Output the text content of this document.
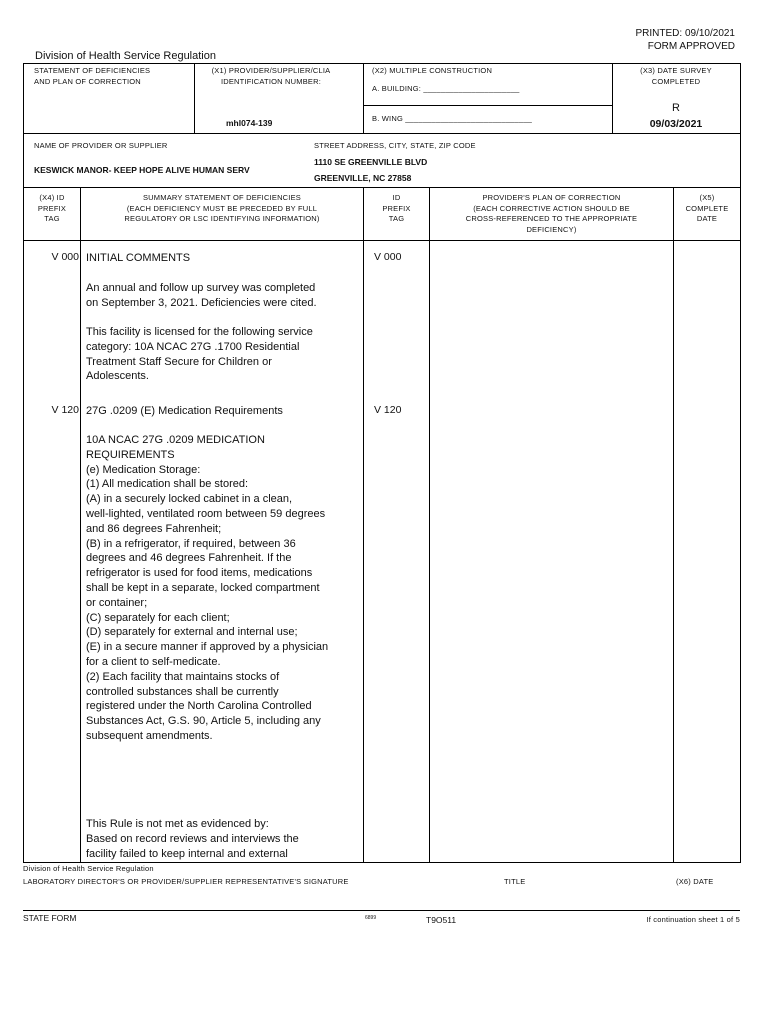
PRINTED: 09/10/2021
FORM APPROVED
Division of Health Service Regulation
STATEMENT OF DEFICIENCIES
AND PLAN OF CORRECTION
(X1) PROVIDER/SUPPLIER/CLIA
IDENTIFICATION NUMBER:
mhl074-139
(X2) MULTIPLE CONSTRUCTION
A. BUILDING: ______________________
B. WING _____________________________
(X3) DATE SURVEY
COMPLETED
R
09/03/2021
NAME OF PROVIDER OR SUPPLIER
KESWICK MANOR- KEEP HOPE ALIVE HUMAN SERV
STREET ADDRESS, CITY, STATE, ZIP CODE
1110 SE GREENVILLE BLVD
GREENVILLE, NC 27858
(X4) ID
PREFIX
TAG
SUMMARY STATEMENT OF DEFICIENCIES
(EACH DEFICIENCY MUST BE PRECEDED BY FULL
REGULATORY OR LSC IDENTIFYING INFORMATION)
ID
PREFIX
TAG
PROVIDER'S PLAN OF CORRECTION
(EACH CORRECTIVE ACTION SHOULD BE
CROSS-REFERENCED TO THE APPROPRIATE
DEFICIENCY)
(X5)
COMPLETE
DATE
V 000 INITIAL COMMENTS	V 000
An annual and follow up survey was completed
on September 3, 2021. Deficiencies were cited.
This facility is licensed for the following service
category: 10A NCAC 27G .1700 Residential
Treatment Staff Secure for Children or
Adolescents.
V 120 27G .0209 (E) Medication Requirements	V 120
10A NCAC 27G .0209 MEDICATION
REQUIREMENTS
(e) Medication Storage:
(1) All medication shall be stored:
(A) in a securely locked cabinet in a clean,
well-lighted, ventilated room between 59 degrees
and 86 degrees Fahrenheit;
(B) in a refrigerator, if required, between 36
degrees and 46 degrees Fahrenheit. If the
refrigerator is used for food items, medications
shall be kept in a separate, locked compartment
or container;
(C) separately for each client;
(D) separately for external and internal use;
(E) in a secure manner if approved by a physician
for a client to self-medicate.
(2) Each facility that maintains stocks of
controlled substances shall be currently
registered under the North Carolina Controlled
Substances Act, G.S. 90, Article 5, including any
subsequent amendments.
This Rule is not met as evidenced by:
Based on record reviews and interviews the
facility failed to keep internal and external
Division of Health Service Regulation
LABORATORY DIRECTOR'S OR PROVIDER/SUPPLIER REPRESENTATIVE'S SIGNATURE	TITLE	(X6) DATE
STATE FORM	6899	T9O511	If continuation sheet 1 of 5
